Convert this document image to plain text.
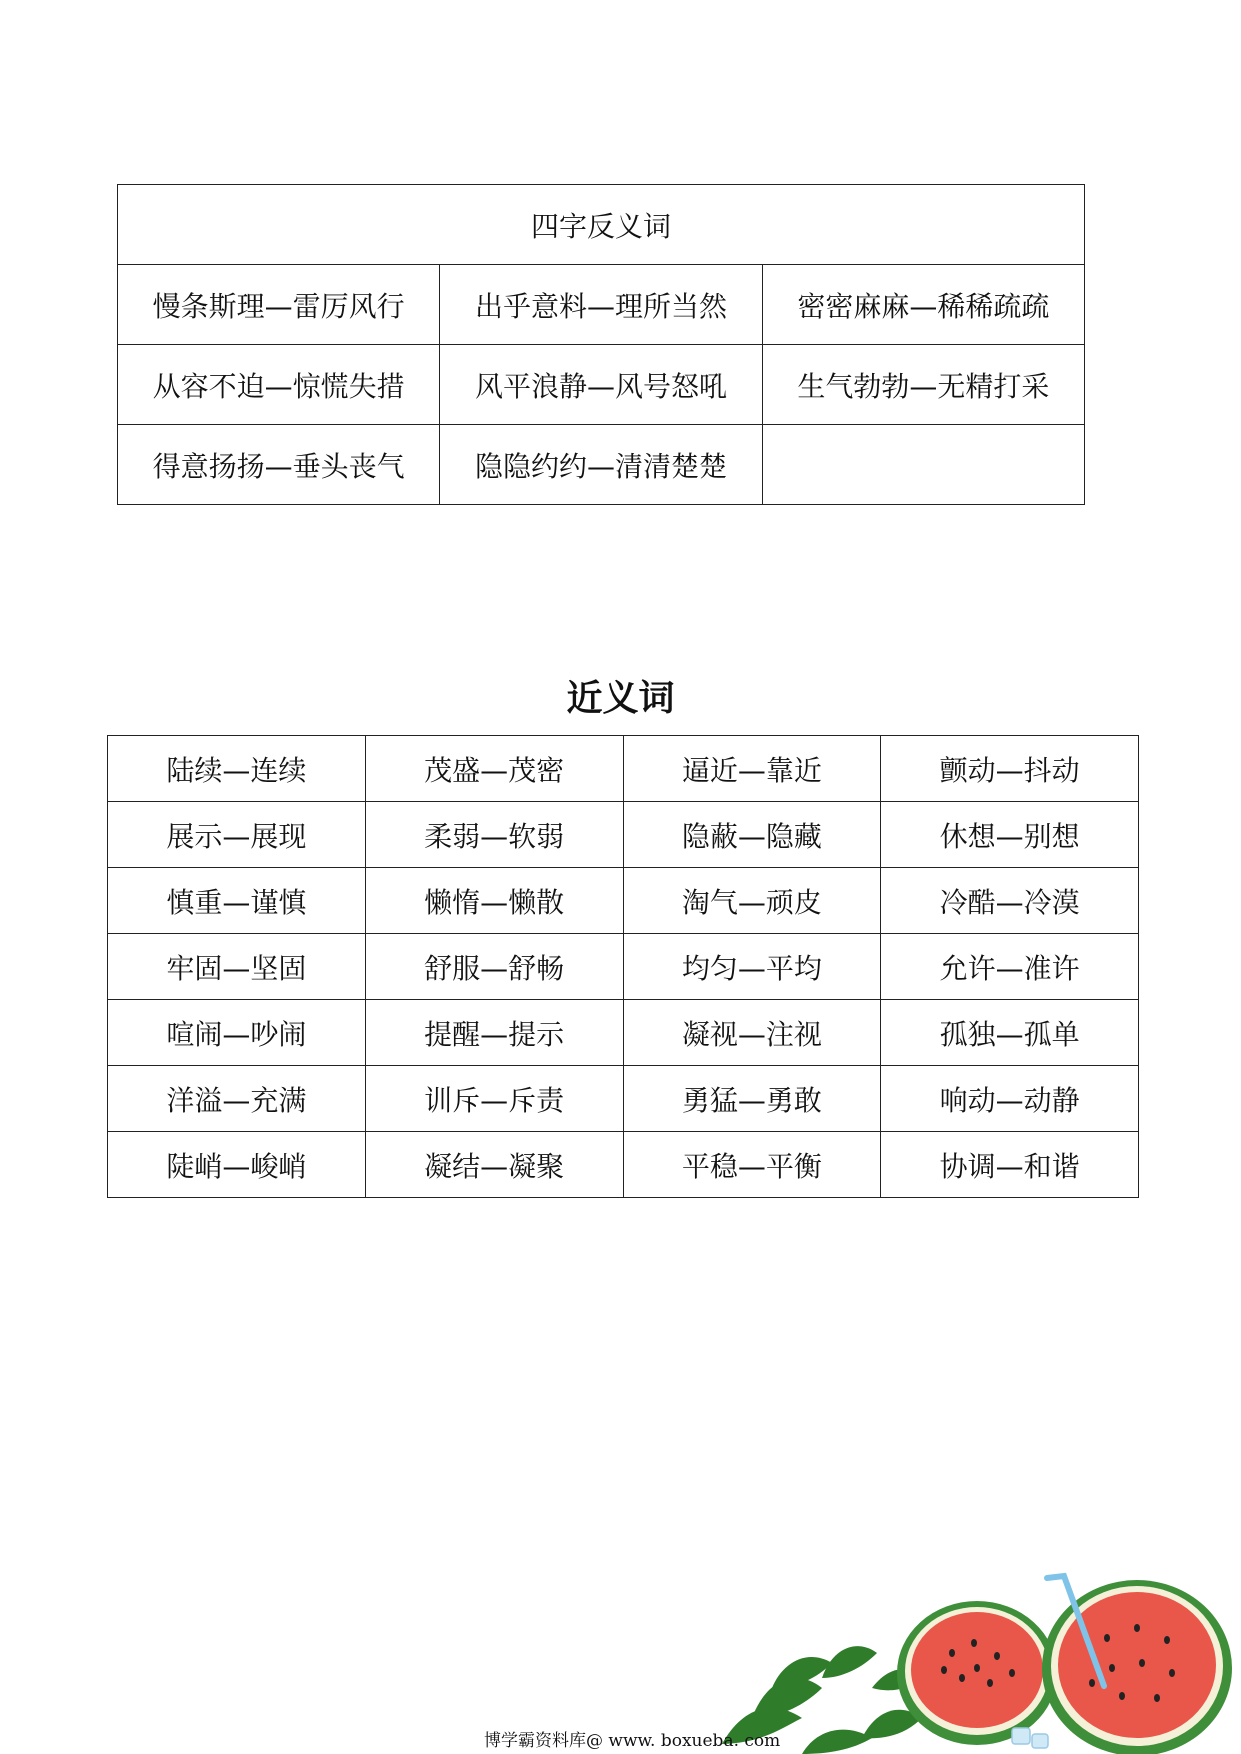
四字反义词		
慢条斯理—雷厉风行	出乎意料—理所当然	密密麻麻—稀稀疏疏
从容不迫—惊慌失措	风平浪静—风号怒吼	生气勃勃—无精打采
得意扬扬—垂头丧气	隐隐约约—清清楚楚	
近义词
陆续—连续	茂盛—茂密	逼近—靠近	颤动—抖动
展示—展现	柔弱—软弱	隐蔽—隐藏	休想—别想
慎重—谨慎	懒惰—懒散	淘气—顽皮	冷酷—冷漠
牢固—坚固	舒服—舒畅	均匀—平均	允许—准许
喧闹—吵闹	提醒—提示	凝视—注视	孤独—孤单
洋溢—充满	训斥—斥责	勇猛—勇敢	响动—动静
陡峭—峻峭	凝结—凝聚	平稳—平衡	协调—和谐
博学霸资料库@ www. boxueba. com
